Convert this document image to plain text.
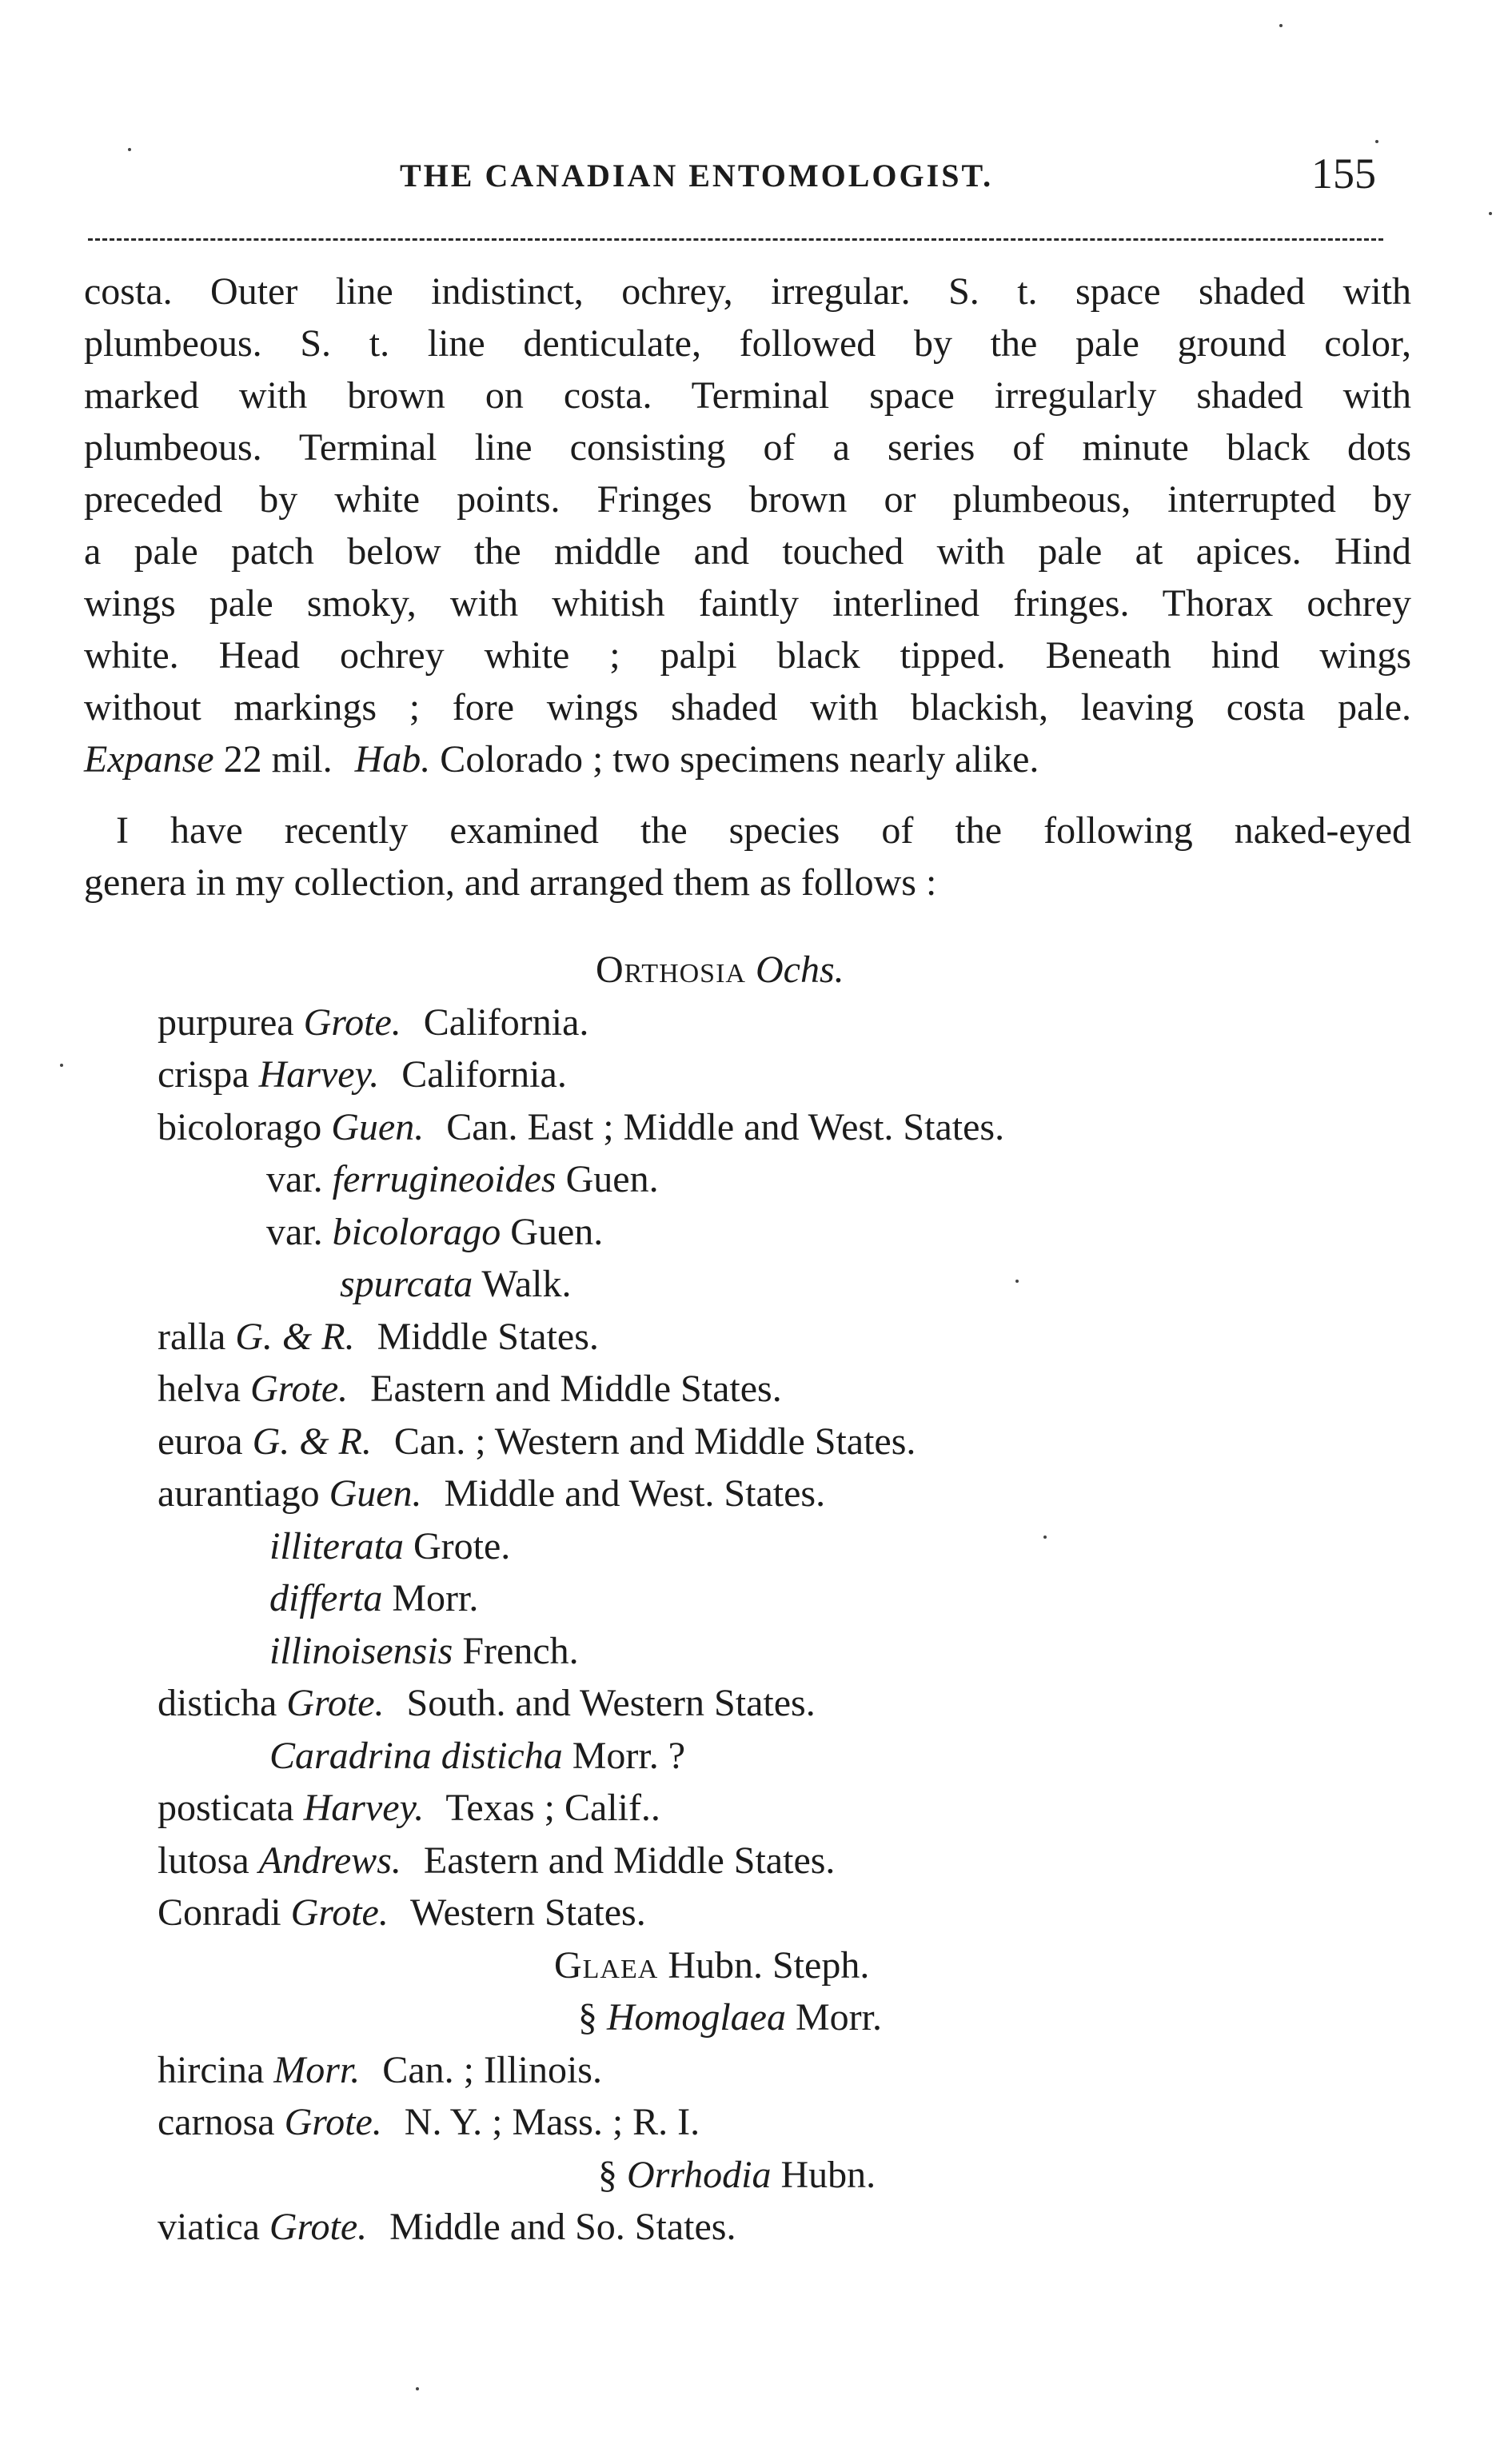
THE CANADIAN ENTOMOLOGIST.	155
costa. Outer line indistinct, ochrey, irregular. S. t. space shaded with
plumbeous. S. t. line denticulate, followed by the pale ground color,
marked with brown on costa. Terminal space irregularly shaded with
plumbeous. Terminal line consisting of a series of minute black dots
preceded by white points. Fringes brown or plumbeous, interrupted by
a pale patch below the middle and touched with pale at apices. Hind
wings pale smoky, with whitish faintly interlined fringes. Thorax ochrey
white. Head ochrey white ; palpi black tipped. Beneath hind wings
without markings ; fore wings shaded with blackish, leaving costa pale.
Expanse 22 mil. Hab. Colorado ; two specimens nearly alike.
I have recently examined the species of the following naked-eyed
genera in my collection, and arranged them as follows :
Orthosia Ochs.
purpurea Grote. California.
crispa Harvey. California.
bicolorago Guen. Can. East ; Middle and West. States.
var. ferrugineoides Guen.
var. bicolorago Guen.
spurcata Walk.
ralla G. & R. Middle States.
helva Grote. Eastern and Middle States.
euroa G. & R. Can. ; Western and Middle States.
aurantiago Guen. Middle and West. States.
illiterata Grote.
differta Morr.
illinoisensis French.
disticha Grote. South. and Western States.
Caradrina disticha Morr. ?
posticata Harvey. Texas ; Calif..
lutosa Andrews. Eastern and Middle States.
Conradi Grote. Western States.
Glaea Hubn. Steph.
§ Homoglaea Morr.
hircina Morr. Can. ; Illinois.
carnosa Grote. N. Y. ; Mass. ; R. I.
§ Orrhodia Hubn.
viatica Grote. Middle and So. States.
